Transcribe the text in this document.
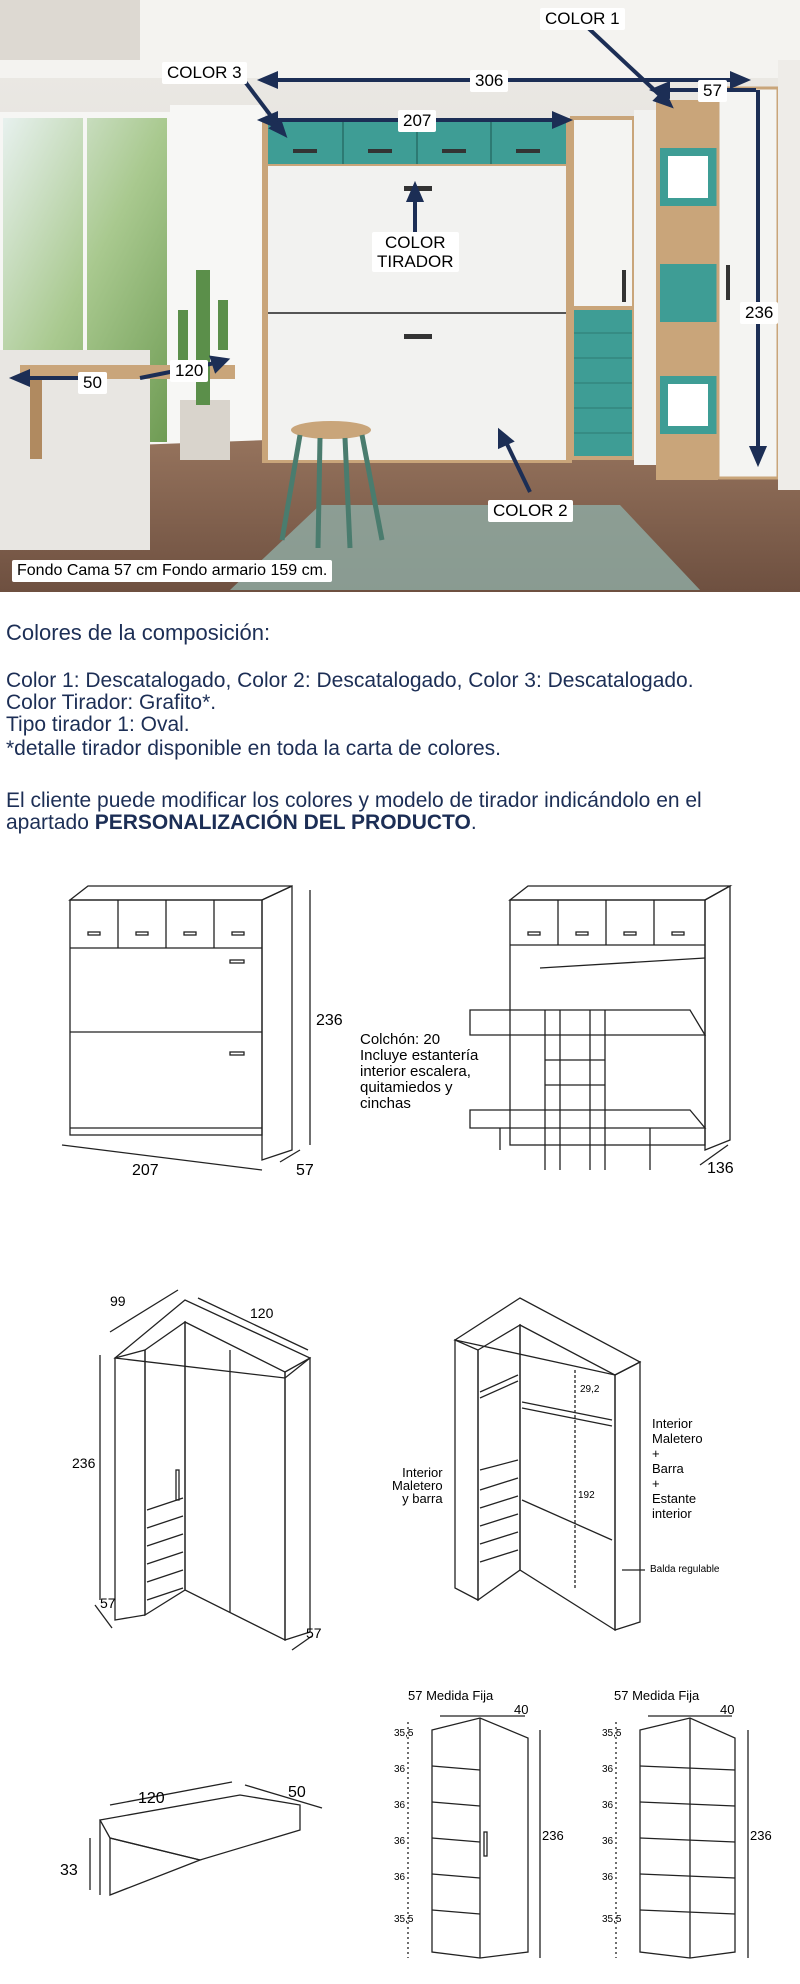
COLOR 1
COLOR 3	306
207
57
236
50
120
COLOR
TIRADOR
COLOR 2
Fondo Cama 57 cm Fondo armario 159 cm.
Colores de la composición:
Color 1: Descatalogado, Color 2: Descatalogado, Color 3: Descatalogado.
Color Tirador: Grafito*.
Tipo tirador 1: Oval.
*detalle tirador disponible en toda la carta de colores.
El cliente puede modificar los colores y modelo de tirador indicándolo en el
apartado PERSONALIZACIÓN DEL PRODUCTO.
236
207	57
Colchón: 20
Incluye estantería
interior escalera,
quitamiedos y
cinchas
136
99
120
236
57
57
Interior
Maletero
y barra
Interior
Maletero
+
Barra
+
Estante
interior
29,2
192
Balda regulable
120	50
33
57 Medida Fija
40
236
35,5
36
36
36
36
35,5
57 Medida Fija
40
236
35,5
36
36
36
36
35,5
